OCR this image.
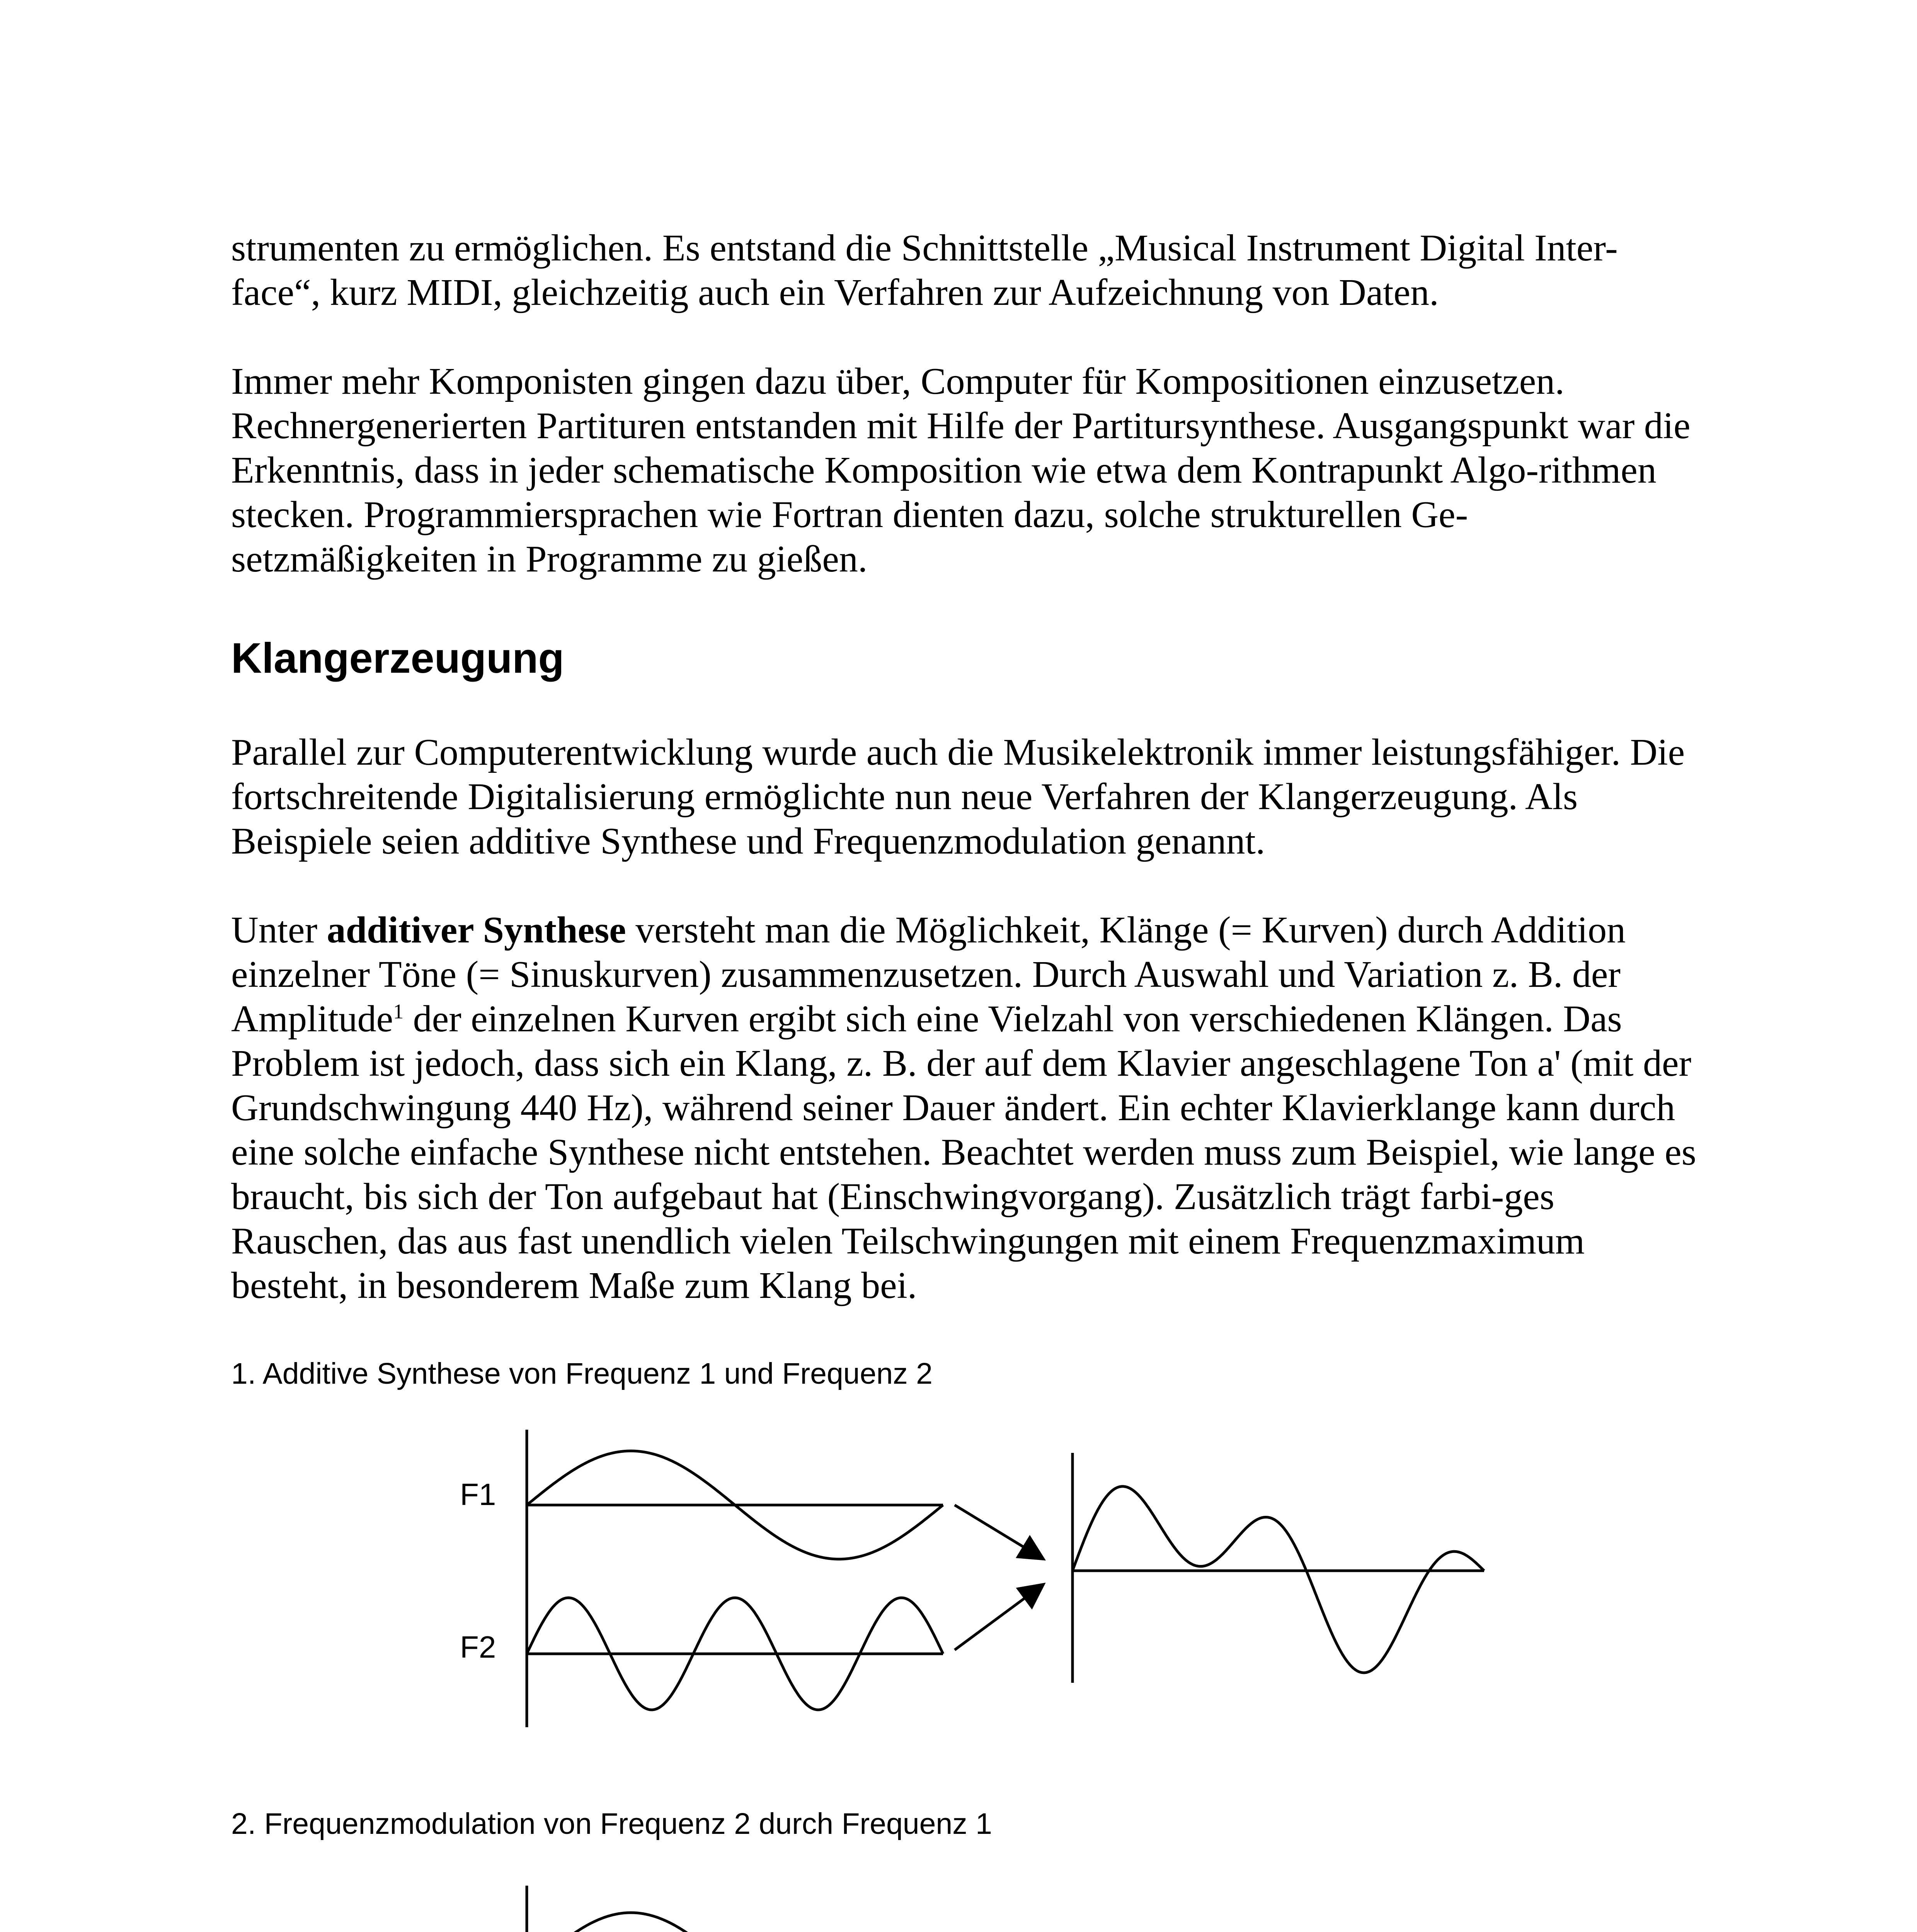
strumenten zu ermöglichen. Es entstand die Schnittstelle „Musical Instrument Digital Inter-face“, kurz MIDI, gleichzeitig auch ein Verfahren zur Aufzeichnung von Daten.

Immer mehr Komponisten gingen dazu über, Computer für Kompositionen einzusetzen. Rechnergenerierten Partituren entstanden mit Hilfe der Partitursynthese. Ausgangspunkt war die Erkenntnis, dass in jeder schematische Komposition wie etwa dem Kontrapunkt Algo-rithmen stecken. Programmiersprachen wie Fortran dienten dazu, solche strukturellen Ge-setzmäßigkeiten in Programme zu gießen.

Klangerzeugung

Parallel zur Computerentwicklung wurde auch die Musikelektronik immer leistungsfähiger. Die fortschreitende Digitalisierung ermöglichte nun neue Verfahren der Klangerzeugung. Als Beispiele seien additive Synthese und Frequenzmodulation genannt.

Unter additiver Synthese versteht man die Möglichkeit, Klänge (= Kurven) durch Addition einzelner Töne (= Sinuskurven) zusammenzusetzen. Durch Auswahl und Variation z. B. der Amplitude$^1$ der einzelnen Kurven ergibt sich eine Vielzahl von verschiedenen Klängen. Das Problem ist jedoch, dass sich ein Klang, z. B. der auf dem Klavier angeschlagene Ton a' (mit der Grundschwingung 440 Hz), während seiner Dauer ändert. Ein echter Klavierklange kann durch eine solche einfache Synthese nicht entstehen. Beachtet werden muss zum Beispiel, wie lange es braucht, bis sich der Ton aufgebaut hat (Einschwingvorgang). Zusätzlich trägt farbi-ges Rauschen, das aus fast unendlich vielen Teilschwingungen mit einem Frequenzmaximum besteht, in besonderem Maße zum Klang bei.

1. Additive Synthese von Frequenz 1 und Frequenz 2

F1
F2

2. Frequenzmodulation von Frequenz 2 durch Frequenz 1
